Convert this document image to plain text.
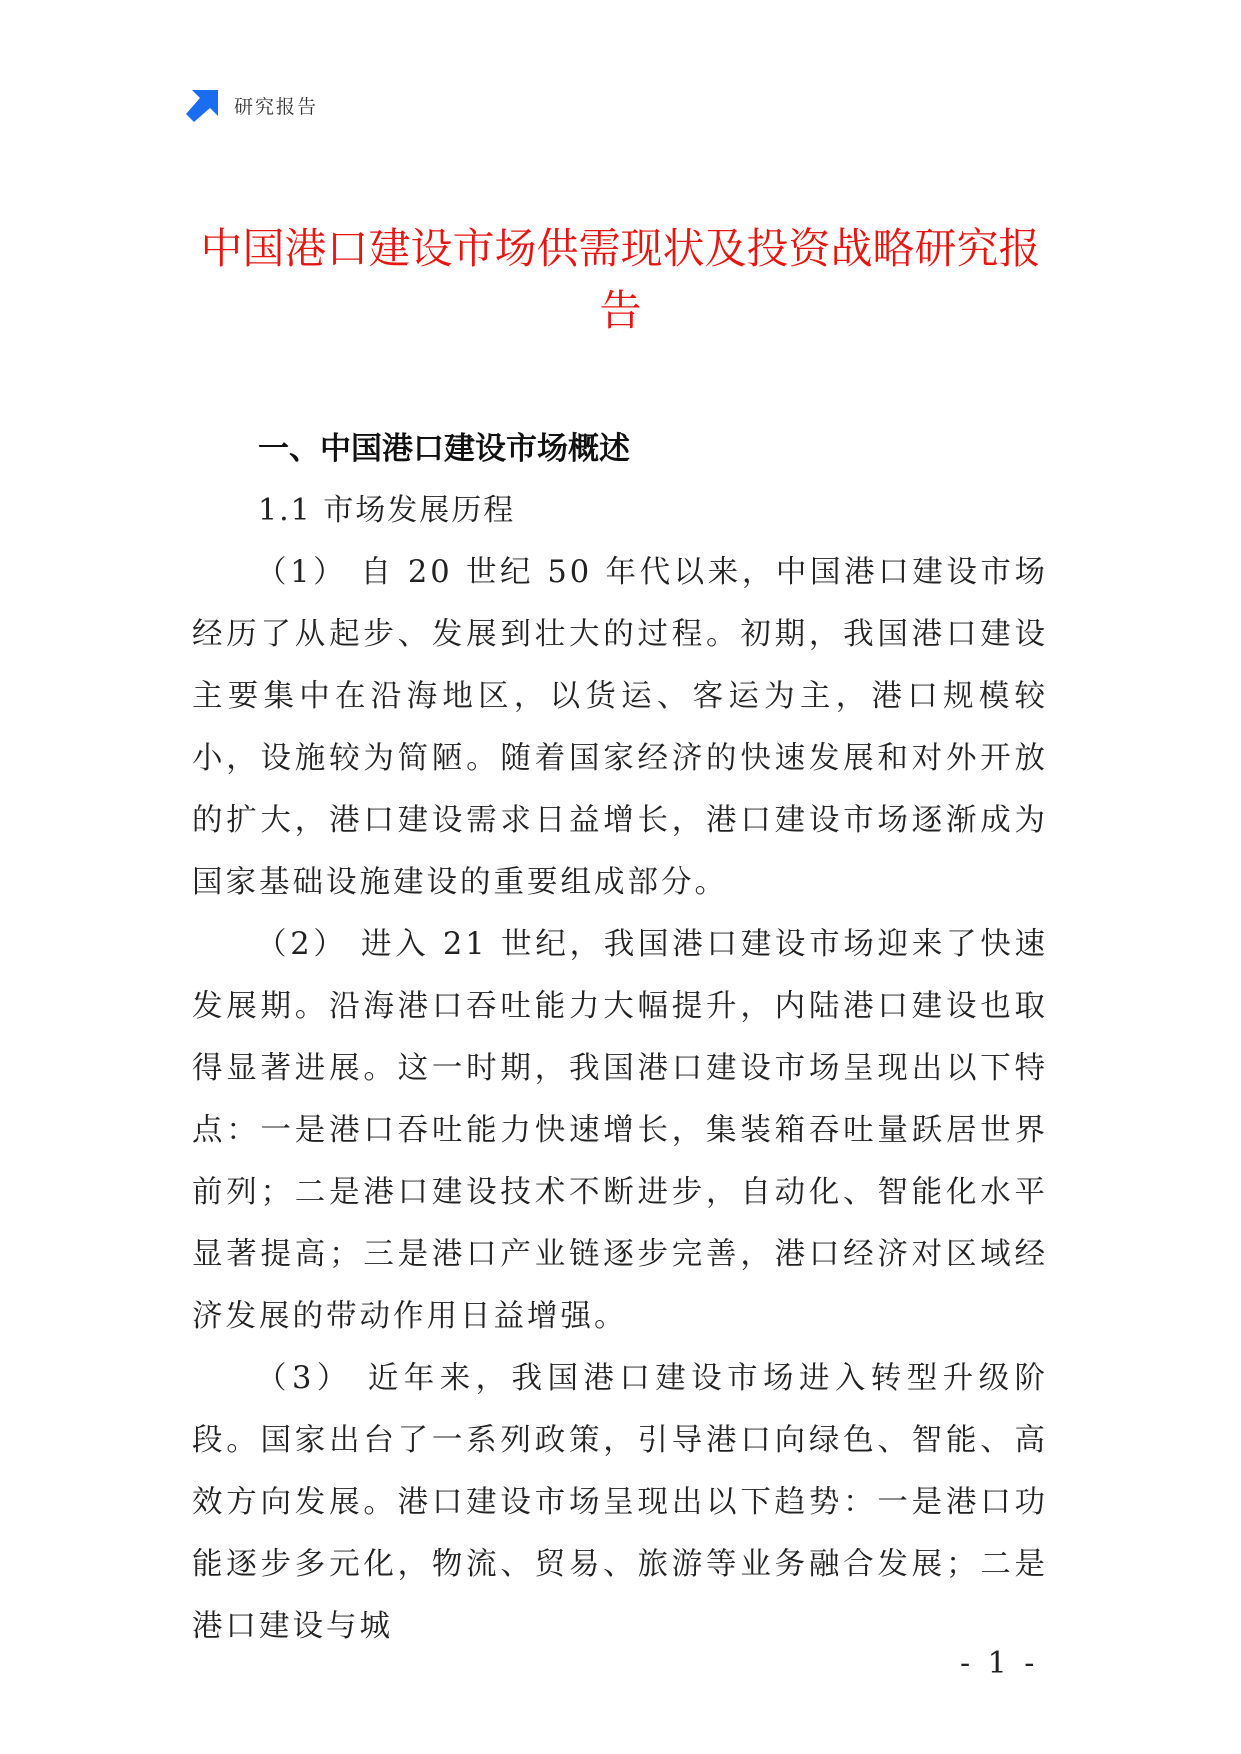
研究报告
中国港口建设市场供需现状及投资战略研究报告
一、中国港口建设市场概述
1.1 市场发展历程

（1） 自 20 世纪 50 年代以来，中国港口建设市场经历了从起步、发展到壮大的过程。初期，我国港口建设主要集中在沿海地区，以货运、客运为主，港口规模较小，设施较为简陋。随着国家经济的快速发展和对外开放的扩大，港口建设需求日益增长，港口建设市场逐渐成为国家基础设施建设的重要组成部分。

（2） 进入 21 世纪，我国港口建设市场迎来了快速发展期。沿海港口吞吐能力大幅提升，内陆港口建设也取得显著进展。这一时期，我国港口建设市场呈现出以下特点：一是港口吞吐能力快速增长，集装箱吞吐量跃居世界前列；二是港口建设技术不断进步，自动化、智能化水平显著提高；三是港口产业链逐步完善，港口经济对区域经济发展的带动作用日益增强。

（3） 近年来，我国港口建设市场进入转型升级阶段。国家出台了一系列政策，引导港口向绿色、智能、高效方向发展。港口建设市场呈现出以下趋势：一是港口功能逐步多元化，物流、贸易、旅游等业务融合发展；二是港口建设与城

- 1 -
